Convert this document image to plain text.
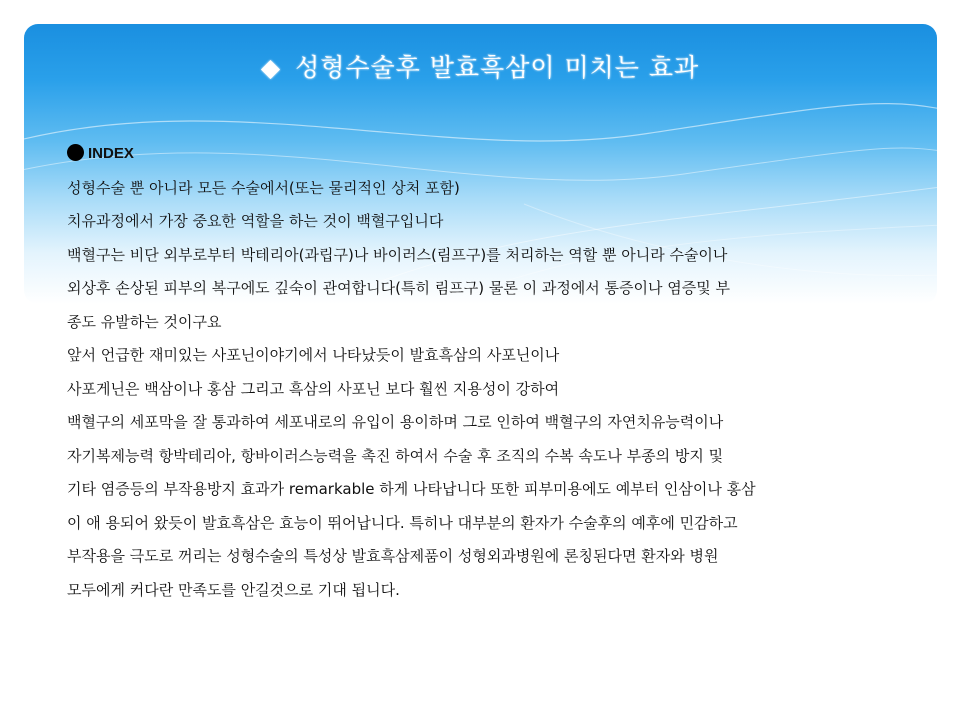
◆ 성형수술후 발효흑삼이 미치는 효과
INDEX
성형수술 뿐 아니라 모든 수술에서(또는 물리적인 상처 포함)
치유과정에서 가장 중요한 역할을 하는 것이 백혈구입니다
백혈구는 비단 외부로부터 박테리아(과립구)나 바이러스(림프구)를 처리하는 역할 뿐 아니라 수술이나
외상후 손상된 피부의 복구에도 깊숙이 관여합니다(특히 림프구) 물론 이 과정에서 통증이나 염증및 부
종도 유발하는 것이구요
앞서 언급한 재미있는 사포닌이야기에서 나타났듯이 발효흑삼의 사포닌이나
사포게닌은 백삼이나 홍삼 그리고 흑삼의 사포닌 보다 훨씬 지용성이 강하여
백혈구의 세포막을 잘 통과하여 세포내로의 유입이 용이하며 그로 인하여 백혈구의 자연치유능력이나
자기복제능력 항박테리아, 항바이러스능력을 촉진 하여서 수술 후 조직의 수복 속도나 부종의 방지 및
기타 염증등의 부작용방지 효과가 remarkable 하게 나타납니다 또한 피부미용에도 예부터 인삼이나 홍삼
이 애 용되어 왔듯이 발효흑삼은 효능이 뛰어납니다. 특히나 대부분의 환자가 수술후의 예후에 민감하고
부작용을 극도로 꺼리는 성형수술의 특성상 발효흑삼제품이 성형외과병원에 론칭된다면 환자와 병원
모두에게 커다란 만족도를 안길것으로 기대 됩니다.
